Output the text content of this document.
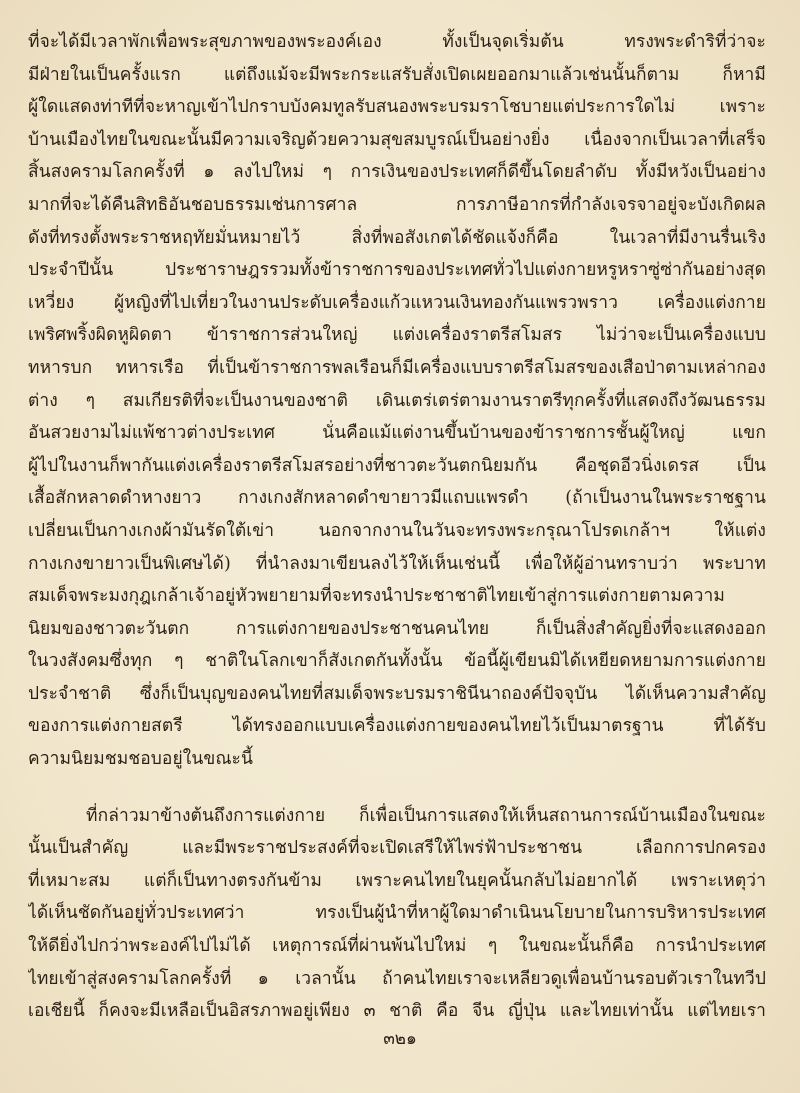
ที่จะได้มีเวลาพักเพื่อพระสุขภาพของพระองค์เอง ทั้งเป็นจุดเริ่มต้น ทรงพระดำริที่ว่าจะ
มีฝ่ายในเป็นครั้งแรก แต่ถึงแม้จะมีพระกระแสรับสั่งเปิดเผยออกมาแล้วเช่นนั้นก็ตาม ก็หามี
ผู้ใดแสดงท่าทีที่จะหาญเข้าไปกราบบังคมทูลรับสนองพระบรมราโชบายแต่ประการใดไม่ เพราะ
บ้านเมืองไทยในขณะนั้นมีความเจริญด้วยความสุขสมบูรณ์เป็นอย่างยิ่ง เนื่องจากเป็นเวลาที่เสร็จ
สิ้นสงครามโลกครั้งที่ ๑ ลงไปใหม่ ๆ การเงินของประเทศก็ดีขึ้นโดยลำดับ ทั้งมีหวังเป็นอย่าง
มากที่จะได้คืนสิทธิอันชอบธรรมเช่นการศาล การภาษีอากรที่กำลังเจรจาอยู่จะบังเกิดผล
ดังที่ทรงตั้งพระราชหฤทัยมั่นหมายไว้ สิ่งที่พอสังเกตได้ชัดแจ้งก็คือ ในเวลาที่มีงานรื่นเริง
ประจำปีนั้น ประชาราษฎรรวมทั้งข้าราชการของประเทศทั่วไปแต่งกายหรูหราซู่ซ่ากันอย่างสุด
เหวี่ยง ผู้หญิงที่ไปเที่ยวในงานประดับเครื่องแก้วแหวนเงินทองกันแพรวพราว เครื่องแต่งกาย
เพริศพริ้งผิดหูผิดตา ข้าราชการส่วนใหญ่ แต่งเครื่องราตรีสโมสร ไม่ว่าจะเป็นเครื่องแบบ
ทหารบก ทหารเรือ ที่เป็นข้าราชการพลเรือนก็มีเครื่องแบบราตรีสโมสรของเสือป่าตามเหล่ากอง
ต่าง ๆ สมเกียรติที่จะเป็นงานของชาติ เดินเตร่เตร่ตามงานราตรีทุกครั้งที่แสดงถึงวัฒนธรรม
อันสวยงามไม่แพ้ชาวต่างประเทศ นั่นคือแม้แต่งานขึ้นบ้านของข้าราชการชั้นผู้ใหญ่ แขก
ผู้ไปในงานก็พากันแต่งเครื่องราตรีสโมสรอย่างที่ชาวตะวันตกนิยมกัน คือชุดอีวนิ่งเดรส เป็น
เสื้อสักหลาดดำหางยาว กางเกงสักหลาดดำขายาวมีแถบแพรดำ (ถ้าเป็นงานในพระราชฐาน
เปลี่ยนเป็นกางเกงผ้ามันรัดใต้เข่า นอกจากงานในวันจะทรงพระกรุณาโปรดเกล้าฯ ให้แต่ง
กางเกงขายาวเป็นพิเศษได้) ที่นำลงมาเขียนลงไว้ให้เห็นเช่นนี้ เพื่อให้ผู้อ่านทราบว่า พระบาท
สมเด็จพระมงกุฎเกล้าเจ้าอยู่หัวพยายามที่จะทรงนำประชาชาติไทยเข้าสู่การแต่งกายตามความ
นิยมของชาวตะวันตก การแต่งกายของประชาชนคนไทย ก็เป็นสิ่งสำคัญยิ่งที่จะแสดงออก
ในวงสังคมซึ่งทุก ๆ ชาติในโลกเขาก็สังเกตกันทั้งนั้น ข้อนี้ผู้เขียนมิได้เหยียดหยามการแต่งกาย
ประจำชาติ ซึ่งก็เป็นบุญของคนไทยที่สมเด็จพระบรมราชินีนาถองค์ปัจจุบัน ได้เห็นความสำคัญ
ของการแต่งกายสตรี ได้ทรงออกแบบเครื่องแต่งกายของคนไทยไว้เป็นมาตรฐาน ที่ได้รับ
ความนิยมชมชอบอยู่ในขณะนี้
ที่กล่าวมาข้างต้นถึงการแต่งกาย ก็เพื่อเป็นการแสดงให้เห็นสถานการณ์บ้านเมืองในขณะ
นั้นเป็นสำคัญ และมีพระราชประสงค์ที่จะเปิดเสรีให้ไพร่ฟ้าประชาชน เลือกการปกครอง
ที่เหมาะสม แต่ก็เป็นทางตรงกันข้าม เพราะคนไทยในยุคนั้นกลับไม่อยากได้ เพราะเหตุว่า
ได้เห็นชัดกันอยู่ทั่วประเทศว่า ทรงเป็นผู้นำที่หาผู้ใดมาดำเนินนโยบายในการบริหารประเทศ
ให้ดียิ่งไปกว่าพระองค์ไปไม่ได้ เหตุการณ์ที่ผ่านพ้นไปใหม่ ๆ ในขณะนั้นก็คือ การนำประเทศ
ไทยเข้าสู่สงครามโลกครั้งที่ ๑ เวลานั้น ถ้าคนไทยเราจะเหลียวดูเพื่อนบ้านรอบตัวเราในทวีป
เอเชียนี้ ก็คงจะมีเหลือเป็นอิสรภาพอยู่เพียง ๓ ชาติ คือ จีน ญี่ปุ่น และไทยเท่านั้น แต่ไทยเรา
๓๒๑
